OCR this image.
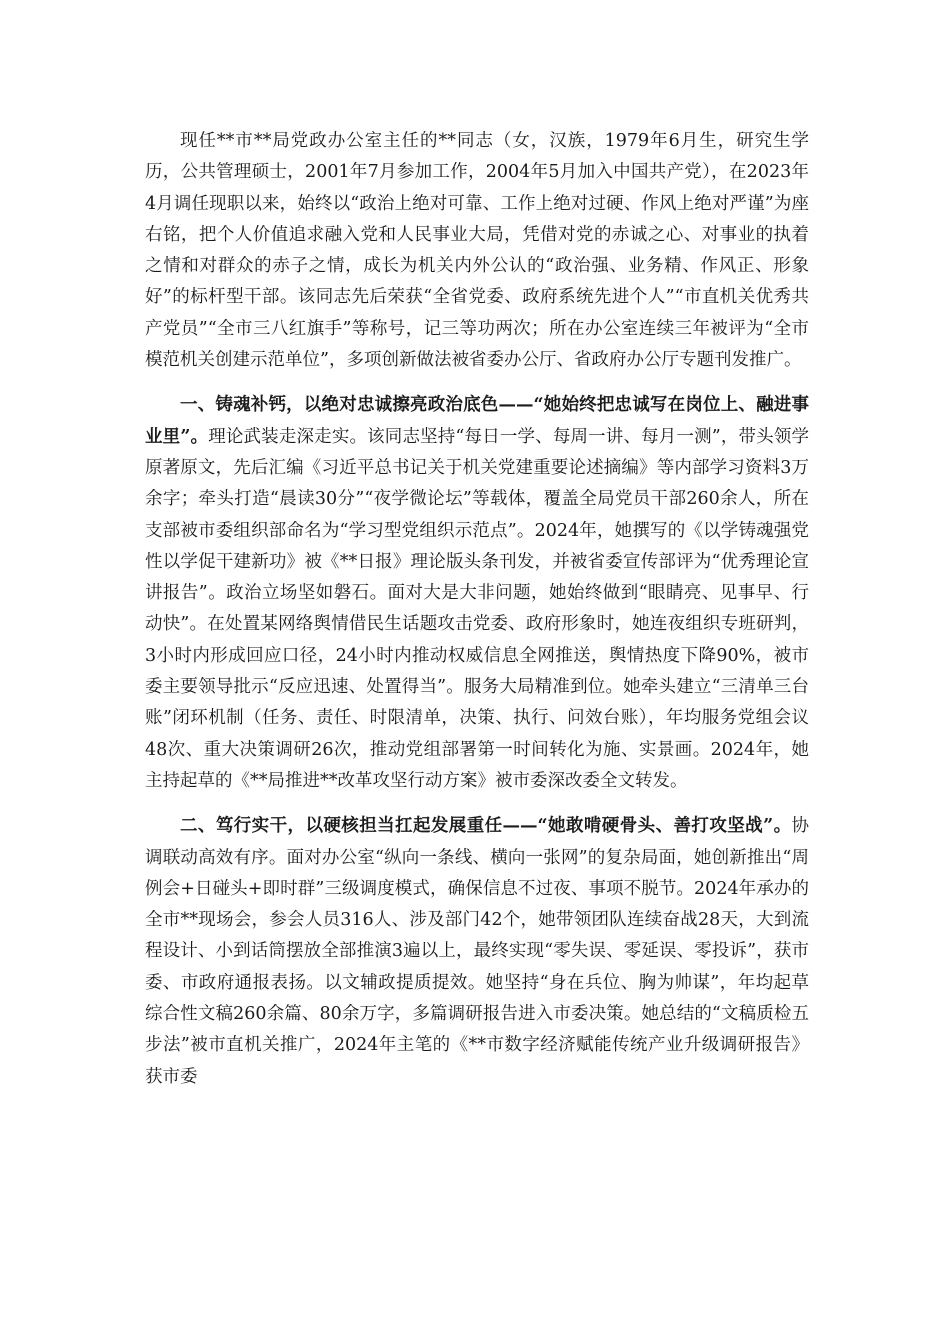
现任**市**局党政办公室主任的**同志（女，汉族，1979年6月生，研究生学历，公共管理硕士，2001年7月参加工作，2004年5月加入中国共产党），在2023年4月调任现职以来，始终以“政治上绝对可靠、工作上绝对过硬、作风上绝对严谨”为座右铭，把个人价值追求融入党和人民事业大局，凭借对党的赤诚之心、对事业的执着之情和对群众的赤子之情，成长为机关内外公认的“政治强、业务精、作风正、形象好”的标杆型干部。该同志先后荣获“全省党委、政府系统先进个人”“市直机关优秀共产党员”“全市三八红旗手”等称号，记三等功两次；所在办公室连续三年被评为“全市模范机关创建示范单位”，多项创新做法被省委办公厅、省政府办公厅专题刊发推广。

一、铸魂补钙，以绝对忠诚擦亮政治底色——“她始终把忠诚写在岗位上、融进事业里”。理论武装走深走实。该同志坚持“每日一学、每周一讲、每月一测”，带头领学原著原文，先后汇编《习近平总书记关于机关党建重要论述摘编》等内部学习资料3万余字；牵头打造“晨读30分”“夜学微论坛”等载体，覆盖全局党员干部260余人，所在支部被市委组织部命名为“学习型党组织示范点”。2024年，她撰写的《以学铸魂强党性以学促干建新功》被《**日报》理论版头条刊发，并被省委宣传部评为“优秀理论宣讲报告”。政治立场坚如磐石。面对大是大非问题，她始终做到“眼睛亮、见事早、行动快”。在处置某网络舆情借民生话题攻击党委、政府形象时，她连夜组织专班研判，3小时内形成回应口径，24小时内推动权威信息全网推送，舆情热度下降90%，被市委主要领导批示“反应迅速、处置得当”。服务大局精准到位。她牵头建立“三清单三台账”闭环机制（任务、责任、时限清单，决策、执行、问效台账），年均服务党组会议48次、重大决策调研26次，推动党组部署第一时间转化为施、实景画。2024年，她主持起草的《**局推进**改革攻坚行动方案》被市委深改委全文转发。

二、笃行实干，以硬核担当扛起发展重任——“她敢啃硬骨头、善打攻坚战”。协调联动高效有序。面对办公室“纵向一条线、横向一张网”的复杂局面，她创新推出“周例会+日碰头+即时群”三级调度模式，确保信息不过夜、事项不脱节。2024年承办的全市**现场会，参会人员316人、涉及部门42个，她带领团队连续奋战28天，大到流程设计、小到话筒摆放全部推演3遍以上，最终实现“零失误、零延误、零投诉”，获市委、市政府通报表扬。以文辅政提质提效。她坚持“身在兵位、胸为帅谋”，年均起草综合性文稿260余篇、80余万字，多篇调研报告进入市委决策。她总结的“文稿质检五步法”被市直机关推广，2024年主笔的《**市数字经济赋能传统产业升级调研报告》获市委
